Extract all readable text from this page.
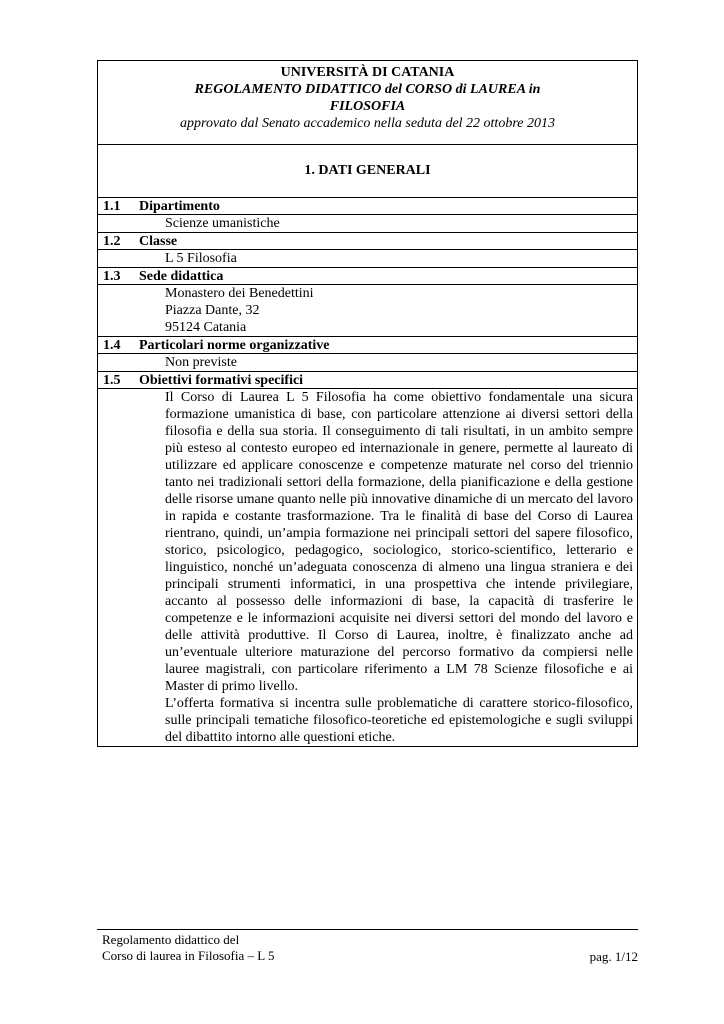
UNIVERSITÀ DI CATANIA
REGOLAMENTO DIDATTICO del CORSO di LAUREA in
FILOSOFIA
approvato dal Senato accademico nella seduta del 22 ottobre 2013
1. DATI GENERALI
1.1 Dipartimento
Scienze umanistiche
1.2 Classe
L 5 Filosofia
1.3 Sede didattica
Monastero dei Benedettini
Piazza Dante, 32
95124 Catania
1.4 Particolari norme organizzative
Non previste
1.5 Obiettivi formativi specifici
Il Corso di Laurea L 5 Filosofia ha come obiettivo fondamentale una sicura formazione umanistica di base, con particolare attenzione ai diversi settori della filosofia e della sua storia. Il conseguimento di tali risultati, in un ambito sempre più esteso al contesto europeo ed internazionale in genere, permette al laureato di utilizzare ed applicare conoscenze e competenze maturate nel corso del triennio tanto nei tradizionali settori della formazione, della pianificazione e della gestione delle risorse umane quanto nelle più innovative dinamiche di un mercato del lavoro in rapida e costante trasformazione. Tra le finalità di base del Corso di Laurea rientrano, quindi, un’ampia formazione nei principali settori del sapere filosofico, storico, psicologico, pedagogico, sociologico, storico-scientifico, letterario e linguistico, nonché un’adeguata conoscenza di almeno una lingua straniera e dei principali strumenti informatici, in una prospettiva che intende privilegiare, accanto al possesso delle informazioni di base, la capacità di trasferire le competenze e le informazioni acquisite nei diversi settori del mondo del lavoro e delle attività produttive. Il Corso di Laurea, inoltre, è finalizzato anche ad un’eventuale ulteriore maturazione del percorso formativo da compiersi nelle lauree magistrali, con particolare riferimento a LM 78 Scienze filosofiche e ai Master di primo livello.
L’offerta formativa si incentra sulle problematiche di carattere storico-filosofico, sulle principali tematiche filosofico-teoretiche ed epistemologiche e sugli sviluppi del dibattito intorno alle questioni etiche.
Regolamento didattico del
Corso di laurea in Filosofia – L 5	pag. 1/12
